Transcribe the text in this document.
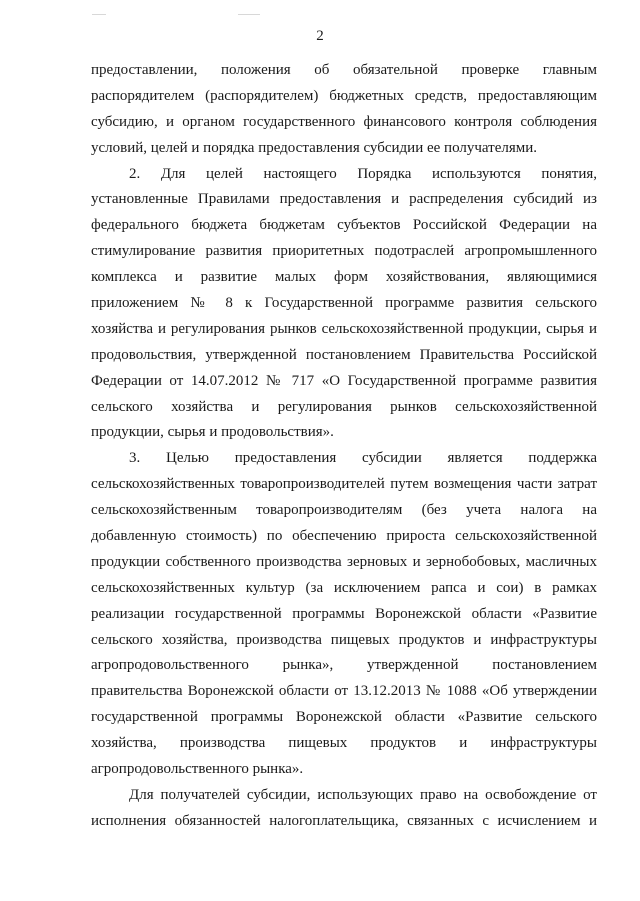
2
предоставлении, положения об обязательной проверке главным
распорядителем (распорядителем) бюджетных средств, предоставляющим
субсидию, и органом государственного финансового контроля соблюдения
условий, целей и порядка предоставления субсидии ее получателями.
2. Для целей настоящего Порядка используются понятия,
установленные Правилами предоставления и распределения субсидий из
федерального бюджета бюджетам субъектов Российской Федерации на
стимулирование развития приоритетных подотраслей агропромышленного
комплекса и развитие малых форм хозяйствования, являющимися
приложением № 8 к Государственной программе развития сельского
хозяйства и регулирования рынков сельскохозяйственной продукции, сырья и
продовольствия, утвержденной постановлением Правительства Российской
Федерации от 14.07.2012 № 717 «О Государственной программе развития
сельского хозяйства и регулирования рынков сельскохозяйственной
продукции, сырья и продовольствия».
3. Целью предоставления субсидии является поддержка
сельскохозяйственных товаропроизводителей путем возмещения части затрат
сельскохозяйственным товаропроизводителям (без учета налога на
добавленную стоимость) по обеспечению прироста сельскохозяйственной
продукции собственного производства зерновых и зернобобовых, масличных
сельскохозяйственных культур (за исключением рапса и сои) в рамках
реализации государственной программы Воронежской области «Развитие
сельского хозяйства, производства пищевых продуктов и инфраструктуры
агропродовольственного рынка», утвержденной постановлением
правительства Воронежской области от 13.12.2013 № 1088 «Об утверждении
государственной программы Воронежской области «Развитие сельского
хозяйства, производства пищевых продуктов и инфраструктуры
агропродовольственного рынка».
Для получателей субсидии, использующих право на освобождение от
исполнения обязанностей налогоплательщика, связанных с исчислением и
